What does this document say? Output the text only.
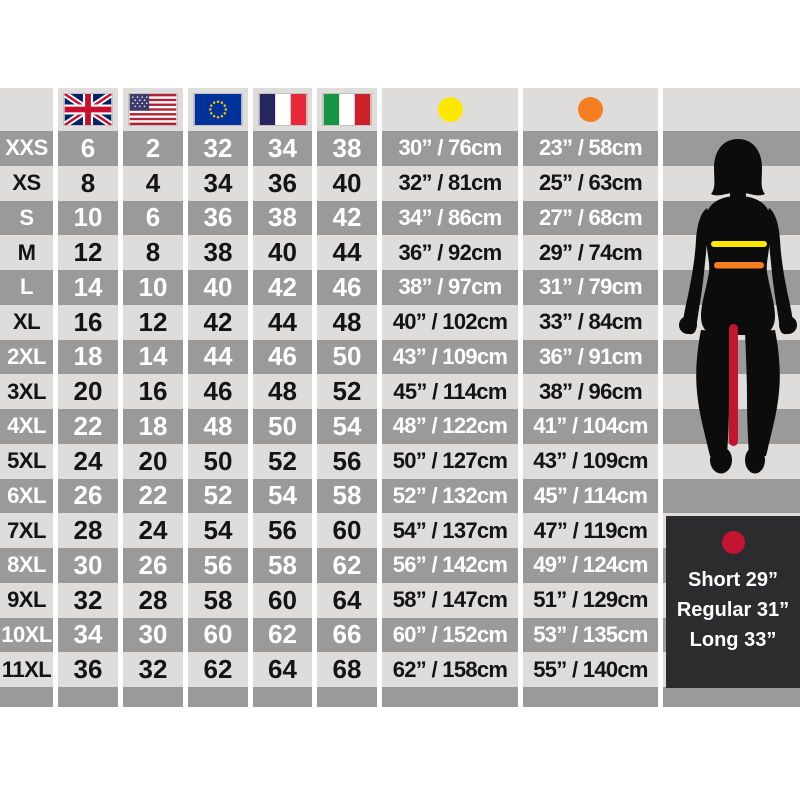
XXS	6	2	32	34	38	30” / 76cm	23” / 58cm
XS	8	4	34	36	40	32” / 81cm	25” / 63cm
S	10	6	36	38	42	34” / 86cm	27” / 68cm
M	12	8	38	40	44	36” / 92cm	29” / 74cm
L	14	10	40	42	46	38” / 97cm	31” / 79cm
XL	16	12	42	44	48	40” / 102cm	33” / 84cm
2XL	18	14	44	46	50	43” / 109cm	36” / 91cm
3XL	20	16	46	48	52	45” / 114cm	38” / 96cm
4XL	22	18	48	50	54	48” / 122cm	41” / 104cm
5XL	24	20	50	52	56	50” / 127cm	43” / 109cm
6XL	26	22	52	54	58	52” / 132cm	45” / 114cm
7XL	28	24	54	56	60	54” / 137cm	47” / 119cm
8XL	30	26	56	58	62	56” / 142cm	49” / 124cm
9XL	32	28	58	60	64	58” / 147cm	51” / 129cm
10XL 34	30	60	62	66	60” / 152cm	53” / 135cm
11XL 36	32	62	64	68	62” / 158cm	55” / 140cm
Short 29”
Regular 31”
Long 33”
